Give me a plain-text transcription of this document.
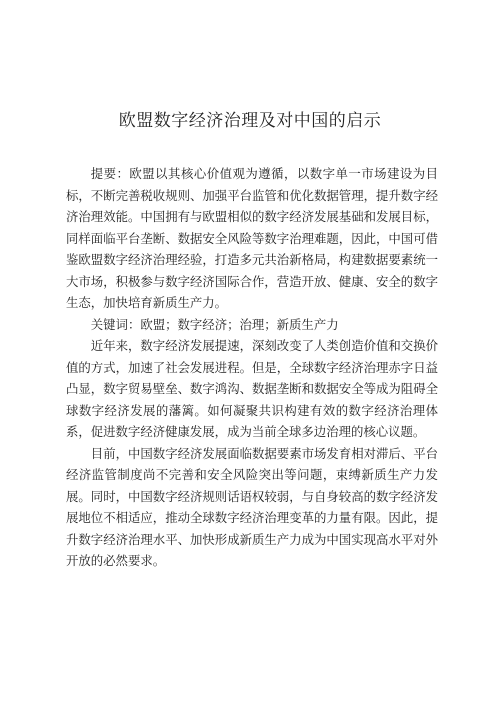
欧盟数字经济治理及对中国的启示

提要：欧盟以其核心价值观为遵循，以数字单一市场建设为目标，不断完善税收规则、加强平台监管和优化数据管理，提升数字经济治理效能。中国拥有与欧盟相似的数字经济发展基础和发展目标，同样面临平台垄断、数据安全风险等数字治理难题，因此，中国可借鉴欧盟数字经济治理经验，打造多元共治新格局，构建数据要素统一大市场，积极参与数字经济国际合作，营造开放、健康、安全的数字生态，加快培育新质生产力。

关键词：欧盟；数字经济；治理；新质生产力

近年来，数字经济发展提速，深刻改变了人类创造价值和交换价值的方式，加速了社会发展进程。但是，全球数字经济治理赤字日益凸显，数字贸易壁垒、数字鸿沟、数据垄断和数据安全等成为阻碍全球数字经济发展的藩篱。如何凝聚共识构建有效的数字经济治理体系，促进数字经济健康发展，成为当前全球多边治理的核心议题。

目前，中国数字经济发展面临数据要素市场发育相对滞后、平台经济监管制度尚不完善和安全风险突出等问题，束缚新质生产力发展。同时，中国数字经济规则话语权较弱，与自身较高的数字经济发展地位不相适应，推动全球数字经济治理变革的力量有限。因此，提升数字经济治理水平、加快形成新质生产力成为中国实现高水平对外开放的必然要求。
